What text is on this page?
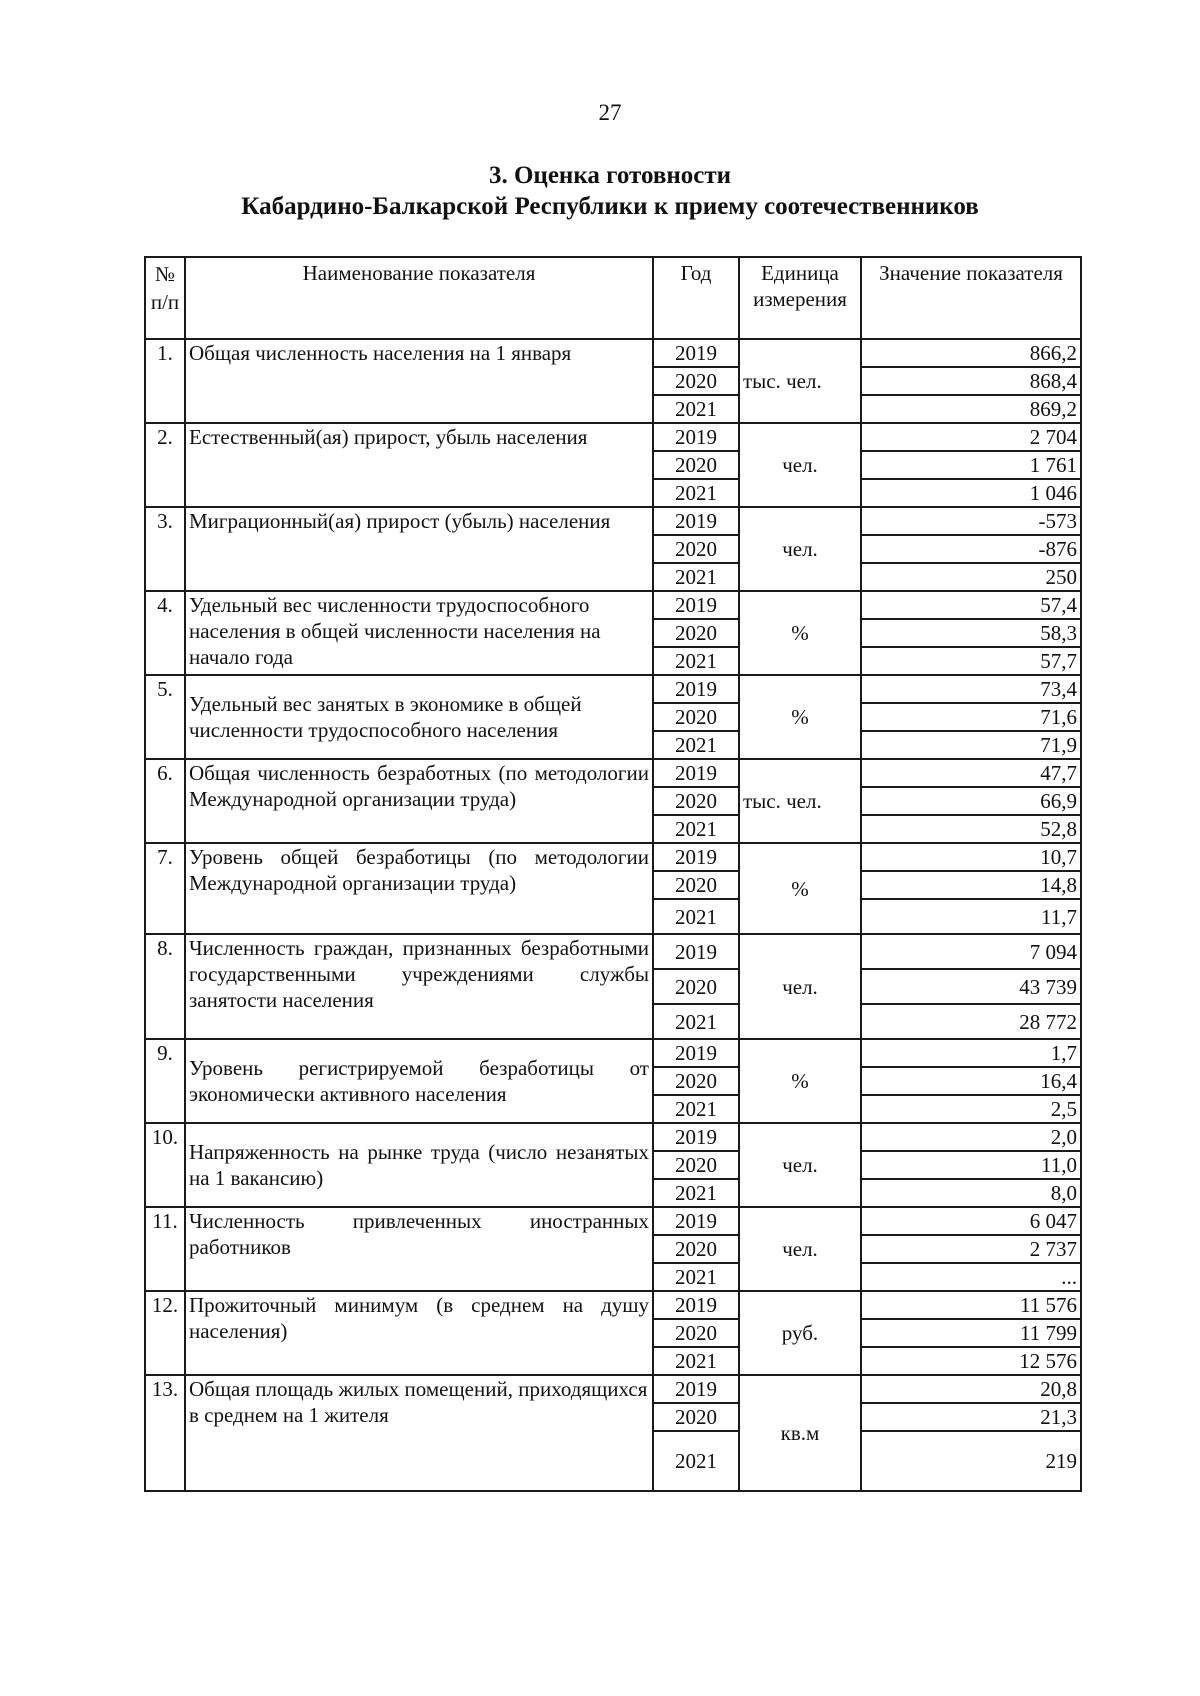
27
3. Оценка готовности
Кабардино-Балкарской Республики к приему соотечественников
№ п/п	Наименование показателя	Год	Единица измерения	Значение показателя
1.	Общая численность населения на 1 января	2019	тыс. чел.	866,2
		2020		868,4
		2021		869,2
2.	Естественный(ая) прирост, убыль населения	2019	чел.	2 704
		2020		1 761
		2021		1 046
3.	Миграционный(ая) прирост (убыль) населения	2019	чел.	-573
		2020		-876
		2021		250
4.	Удельный вес численности трудоспособного населения в общей численности населения на начало года	2019	%	57,4
		2020		58,3
		2021		57,7
5.	Удельный вес занятых в экономике в общей численности трудоспособного населения	2019	%	73,4
		2020		71,6
		2021		71,9
6.	Общая численность безработных (по методологии Международной организации труда)	2019	тыс. чел.	47,7
		2020		66,9
		2021		52,8
7.	Уровень общей безработицы (по методологии Международной организации труда)	2019	%	10,7
		2020		14,8
		2021		11,7
8.	Численность граждан, признанных безработными государственными учреждениями службы занятости населения	2019	чел.	7 094
		2020		43 739
		2021		28 772
9.	Уровень регистрируемой безработицы от экономически активного населения	2019	%	1,7
		2020		16,4
		2021		2,5
10.	Напряженность на рынке труда (число незанятых на 1 вакансию)	2019	чел.	2,0
		2020		11,0
		2021		8,0
11.	Численность привлеченных иностранных работников	2019	чел.	6 047
		2020		2 737
		2021		...
12.	Прожиточный минимум (в среднем на душу населения)	2019	руб.	11 576
		2020		11 799
		2021		12 576
13.	Общая площадь жилых помещений, приходящихся в среднем на 1 жителя	2019	кв.м	20,8
		2020		21,3
		2021		219
